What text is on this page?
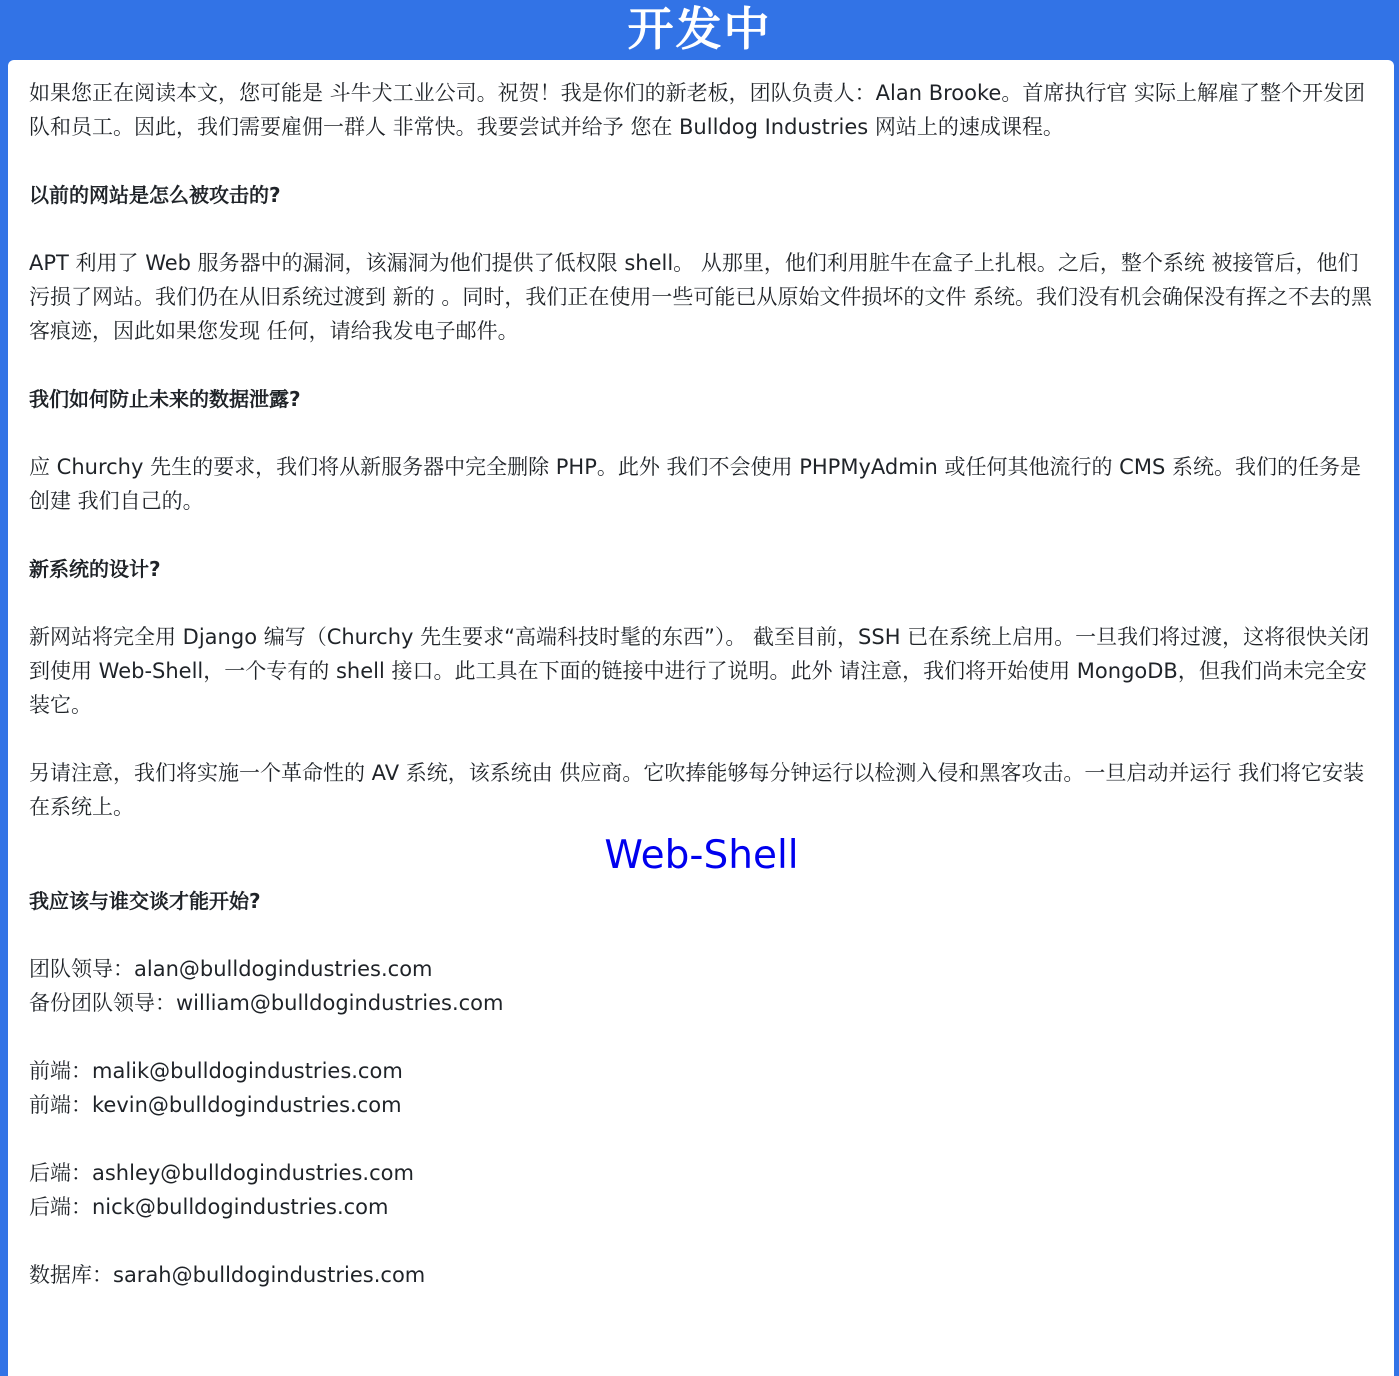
开发中

如果您正在阅读本文，您可能是 斗牛犬工业公司。祝贺！我是你们的新老板，团队负责人：Alan Brooke。首席执行官 实际上解雇了整个开发团队和员工。因此，我们需要雇佣一群人 非常快。我要尝试并给予 您在 Bulldog Industries 网站上的速成课程。

以前的网站是怎么被攻击的?

APT 利用了 Web 服务器中的漏洞，该漏洞为他们提供了低权限 shell。 从那里，他们利用脏牛在盒子上扎根。之后，整个系统 被接管后，他们污损了网站。我们仍在从旧系统过渡到 新的 。同时，我们正在使用一些可能已从原始文件损坏的文件 系统。我们没有机会确保没有挥之不去的黑客痕迹，因此如果您发现 任何，请给我发电子邮件。

我们如何防止未来的数据泄露?

应 Churchy 先生的要求，我们将从新服务器中完全删除 PHP。此外 我们不会使用 PHPMyAdmin 或任何其他流行的 CMS 系统。我们的任务是创建 我们自己的。

新系统的设计?

新网站将完全用 Django 编写（Churchy 先生要求“高端科技时髦的东西”）。 截至目前，SSH 已在系统上启用。一旦我们将过渡，这将很快关闭 到使用 Web-Shell，一个专有的 shell 接口。此工具在下面的链接中进行了说明。此外 请注意，我们将开始使用 MongoDB，但我们尚未完全安装它。

另请注意，我们将实施一个革命性的 AV 系统，该系统由 供应商。它吹捧能够每分钟运行以检测入侵和黑客攻击。一旦启动并运行 我们将它安装在系统上。

Web-Shell

我应该与谁交谈才能开始?

团队领导：alan@bulldogindustries.com

备份团队领导：william@bulldogindustries.com

前端：malik@bulldogindustries.com

前端：kevin@bulldogindustries.com

后端：ashley@bulldogindustries.com

后端：nick@bulldogindustries.com

数据库：sarah@bulldogindustries.com
